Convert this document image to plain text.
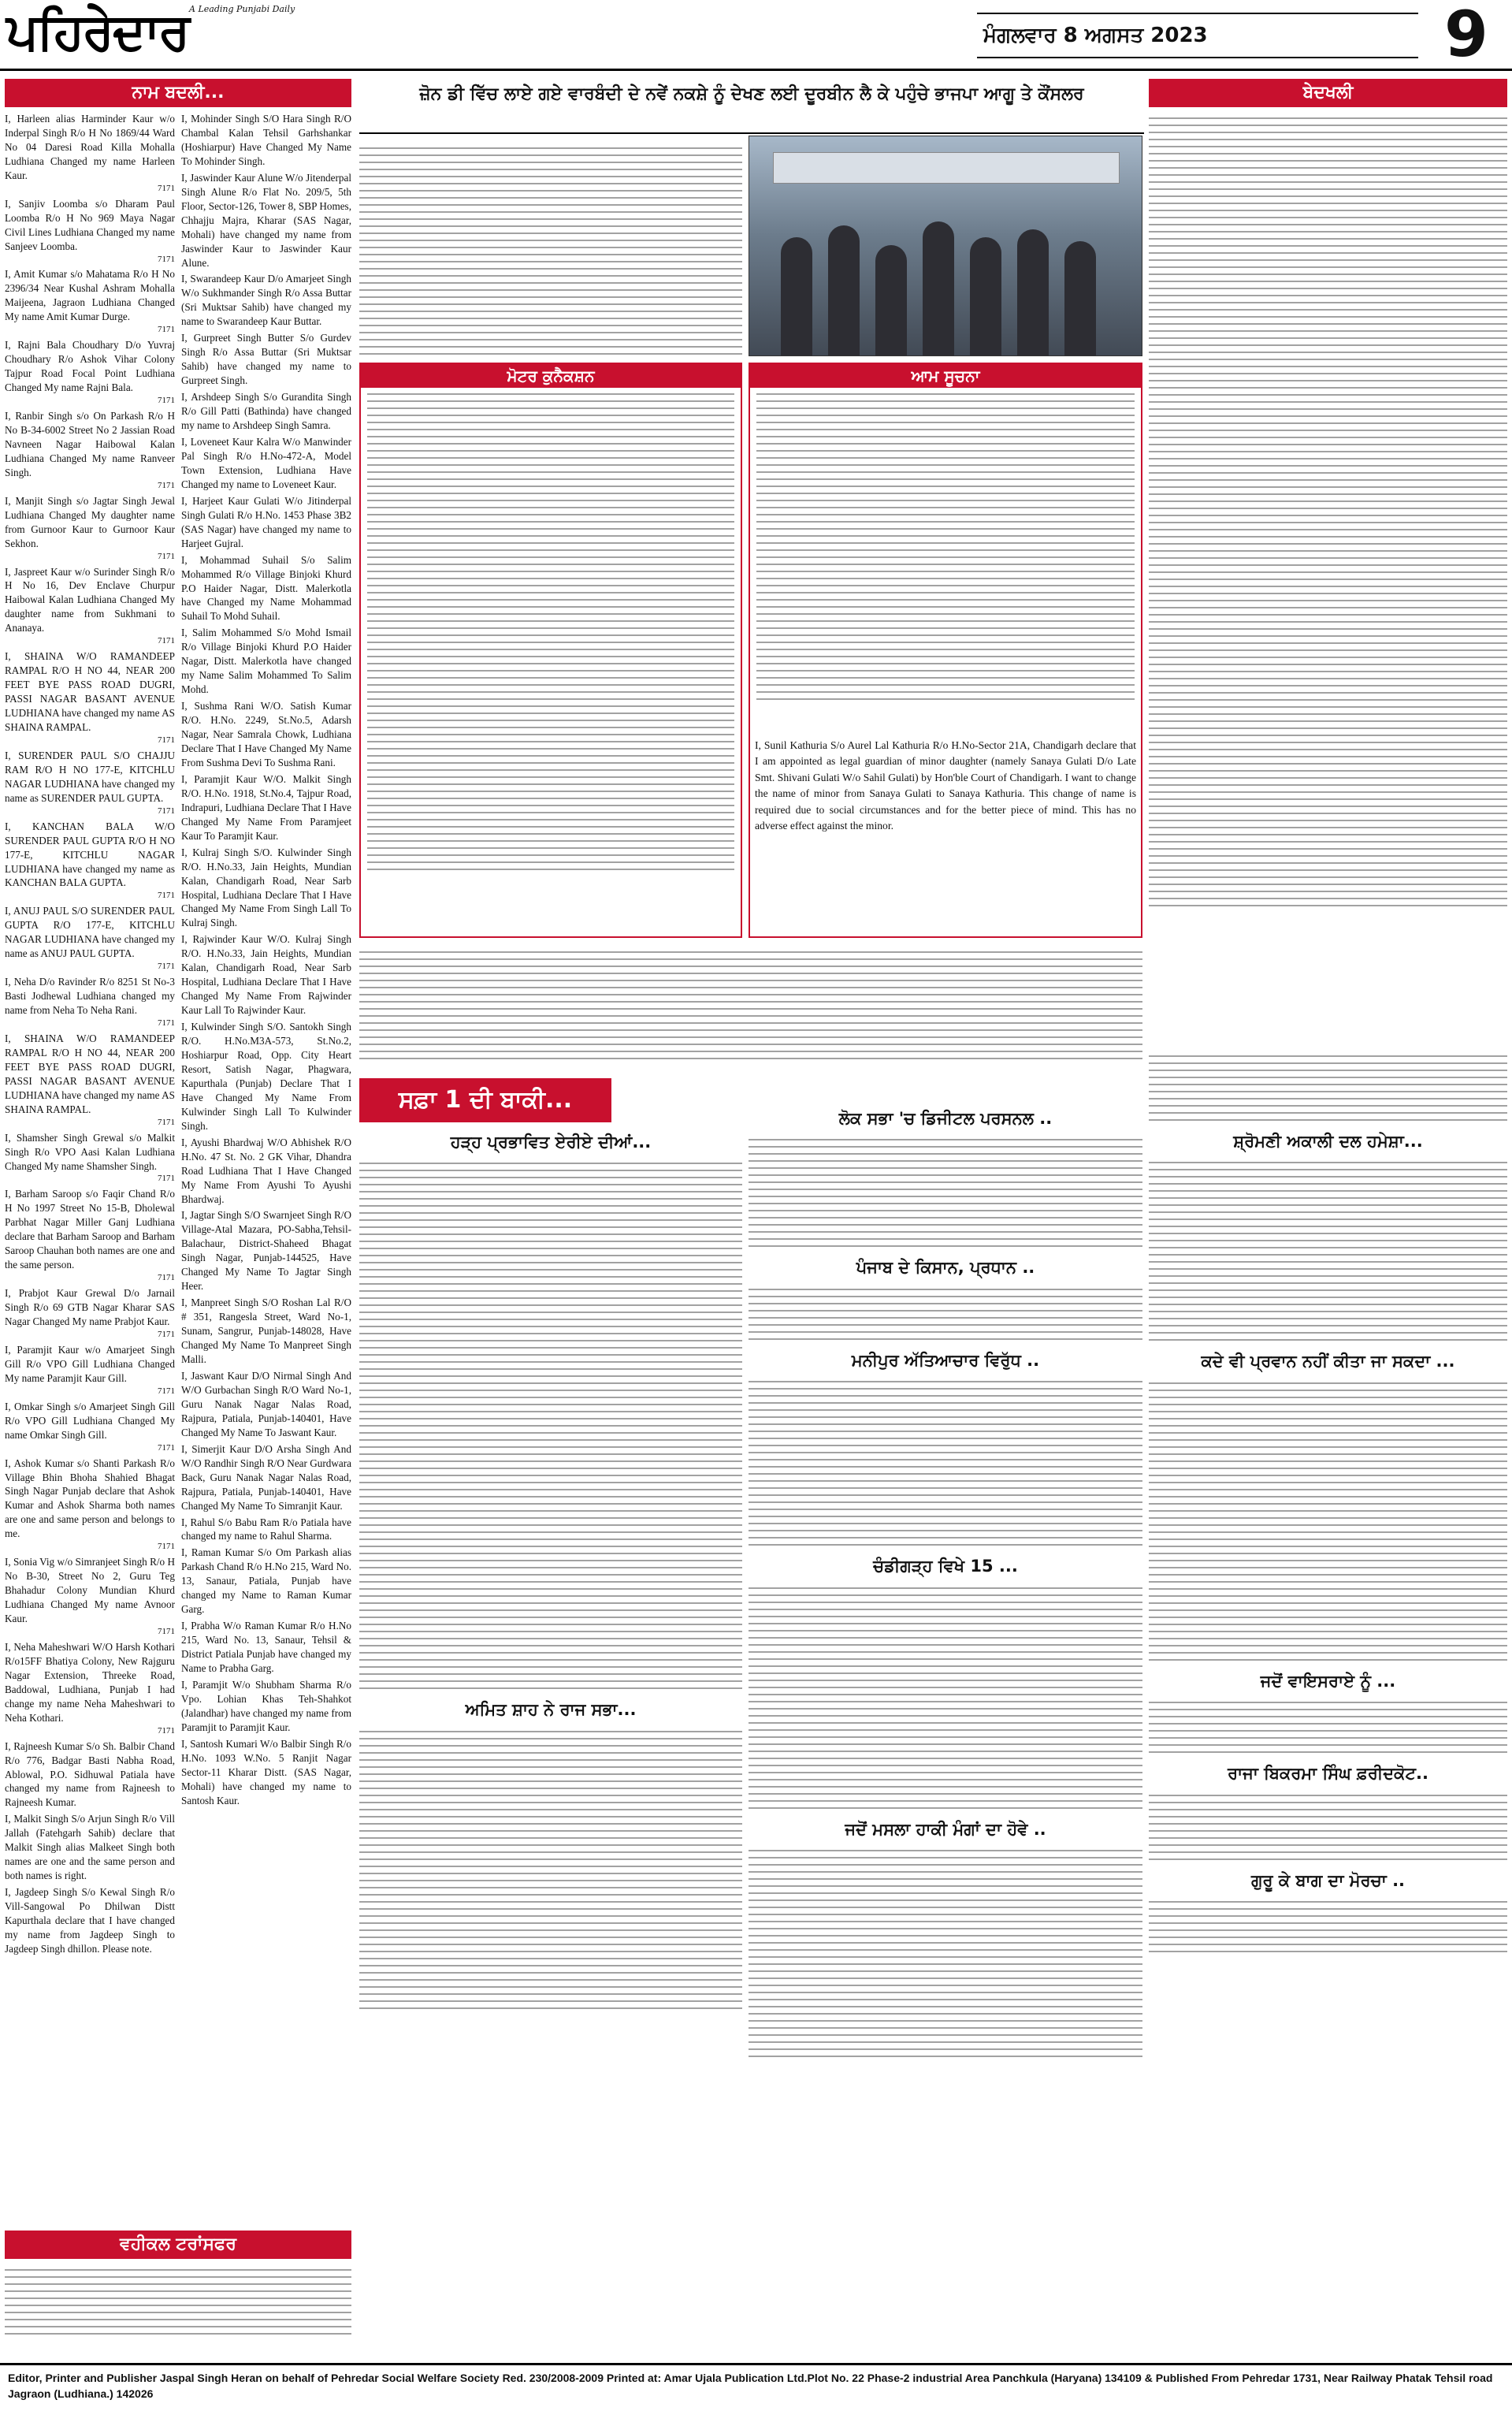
ਪਹਿਰੇਦਾਰ A Leading Punjabi Daily
ਮੰਗਲਵਾਰ 8 ਅਗਸਤ 2023	9
ਨਾਮ ਬਦਲੀ...
I, Harleen alias Harminder Kaur w/o Inderpal Singh R/o H No 1869/44 Ward No 04 Daresi Road Killa Mohalla Ludhiana Changed my name Harleen Kaur.
7171
I, Sanjiv Loomba s/o Dharam Paul Loomba R/o H No 969 Maya Nagar Civil Lines Ludhiana Changed my name Sanjeev Loomba.
7171
I, Amit Kumar s/o Mahatama R/o H No 2396/34 Near Kushal Ashram Mohalla Maijeena, Jagraon Ludhiana Changed My name Amit Kumar Durge.
7171
I, Rajni Bala Choudhary D/o Yuvraj Choudhary R/o Ashok Vihar Colony Tajpur Road Focal Point Ludhiana Changed My name Rajni Bala.
7171
I, Ranbir Singh s/o On Parkash R/o H No B-34-6002 Street No 2 Jassian Road Navneen Nagar Haibowal Kalan Ludhiana Changed My name Ranveer Singh.
7171
I, Manjit Singh s/o Jagtar Singh Jewal Ludhiana Changed My daughter name from Gurnoor Kaur to Gurnoor Kaur Sekhon.
7171
I, Jaspreet Kaur w/o Surinder Singh R/o H No 16, Dev Enclave Churpur Haibowal Kalan Ludhiana Changed My daughter name from Sukhmani to Ananaya.
7171
I, SHAINA W/O RAMANDEEP RAMPAL R/O H NO 44, NEAR 200 FEET BYE PASS ROAD DUGRI, PASSI NAGAR BASANT AVENUE LUDHIANA have changed my name AS SHAINA RAMPAL.
7171
I, SURENDER PAUL S/O CHAJJU RAM R/O H NO 177-E, KITCHLU NAGAR LUDHIANA have changed my name as SURENDER PAUL GUPTA.
7171
I, KANCHAN BALA W/O SURENDER PAUL GUPTA R/O H NO 177-E, KITCHLU NAGAR LUDHIANA have changed my name as KANCHAN BALA GUPTA.
7171
I, ANUJ PAUL S/O SURENDER PAUL GUPTA R/O 177-E, KITCHLU NAGAR LUDHIANA have changed my name as ANUJ PAUL GUPTA.
7171
I, Neha D/o Ravinder R/o 8251 St No-3 Basti Jodhewal Ludhiana changed my name from Neha To Neha Rani.
7171
I, SHAINA W/O RAMANDEEP RAMPAL R/O H NO 44, NEAR 200 FEET BYE PASS ROAD DUGRI, PASSI NAGAR BASANT AVENUE LUDHIANA have changed my name AS SHAINA RAMPAL.
7171
I, Shamsher Singh Grewal s/o Malkit Singh R/o VPO Aasi Kalan Ludhiana Changed My name Shamsher Singh.
7171
I, Barham Saroop s/o Faqir Chand R/o H No 1997 Street No 15-B, Dholewal Parbhat Nagar Miller Ganj Ludhiana declare that Barham Saroop and Barham Saroop Chauhan both names are one and the same person.
7171
I, Prabjot Kaur Grewal D/o Jarnail Singh R/o 69 GTB Nagar Kharar SAS Nagar Changed My name Prabjot Kaur.
7171
I, Paramjit Kaur w/o Amarjeet Singh Gill R/o VPO Gill Ludhiana Changed My name Paramjit Kaur Gill.
7171
I, Omkar Singh s/o Amarjeet Singh Gill R/o VPO Gill Ludhiana Changed My name Omkar Singh Gill.
7171
I, Ashok Kumar s/o Shanti Parkash R/o Village Bhin Bhoha Shahied Bhagat Singh Nagar Punjab declare that Ashok Kumar and Ashok Sharma both names are one and same person and belongs to me.
7171
I, Sonia Vig w/o Simranjeet Singh R/o H No B-30, Street No 2, Guru Teg Bhahadur Colony Mundian Khurd Ludhiana Changed My name Avnoor Kaur.
7171
I, Neha Maheshwari W/O Harsh Kothari R/o15FF Bhatiya Colony, New Rajguru Nagar Extension, Threeke Road, Baddowal, Ludhiana, Punjab I had change my name Neha Maheshwari to Neha Kothari.
7171
I, Rajneesh Kumar S/o Sh. Balbir Chand R/o 776, Badgar Basti Nabha Road, Ablowal, P.O. Sidhuwal Patiala have changed my name from Rajneesh to Rajneesh Kumar.
I, Malkit Singh S/o Arjun Singh R/o Vill Jallah (Fatehgarh Sahib) declare that Malkit Singh alias Malkeet Singh both names are one and the same person and both names is right.
I, Jagdeep Singh S/o Kewal Singh R/o Vill-Sangowal Po Dhilwan Distt Kapurthala declare that I have changed my name from Jagdeep Singh to Jagdeep Singh dhillon. Please note.
I, Mohinder Singh S/O Hara Singh R/O Chambal Kalan Tehsil Garhshankar (Hoshiarpur) Have Changed My Name To Mohinder Singh.
I, Jaswinder Kaur Alune W/o Jitenderpal Singh Alune R/o Flat No. 209/5, 5th Floor, Sector-126, Tower 8, SBP Homes, Chhajju Majra, Kharar (SAS Nagar, Mohali) have changed my name from Jaswinder Kaur to Jaswinder Kaur Alune.
I, Swarandeep Kaur D/o Amarjeet Singh W/o Sukhmander Singh R/o Assa Buttar (Sri Muktsar Sahib) have changed my name to Swarandeep Kaur Buttar.
I, Gurpreet Singh Butter S/o Gurdev Singh R/o Assa Buttar (Sri Muktsar Sahib) have changed my name to Gurpreet Singh.
I, Arshdeep Singh S/o Gurandita Singh R/o Gill Patti (Bathinda) have changed my name to Arshdeep Singh Samra.
I, Loveneet Kaur Kalra W/o Manwinder Pal Singh R/o H.No-472-A, Model Town Extension, Ludhiana Have Changed my name to Loveneet Kaur.
I, Harjeet Kaur Gulati W/o Jitinderpal Singh Gulati R/o H.No. 1453 Phase 3B2 (SAS Nagar) have changed my name to Harjeet Gujral.
I, Mohammad Suhail S/o Salim Mohammed R/o Village Binjoki Khurd P.O Haider Nagar, Distt. Malerkotla have Changed my Name Mohammad Suhail To Mohd Suhail.
I, Salim Mohammed S/o Mohd Ismail R/o Village Binjoki Khurd P.O Haider Nagar, Distt. Malerkotla have changed my Name Salim Mohammed To Salim Mohd.
I, Sushma Rani W/O. Satish Kumar R/O. H.No. 2249, St.No.5, Adarsh Nagar, Near Samrala Chowk, Ludhiana Declare That I Have Changed My Name From Sushma Devi To Sushma Rani.
I, Paramjit Kaur W/O. Malkit Singh R/O. H.No. 1918, St.No.4, Tajpur Road, Indrapuri, Ludhiana Declare That I Have Changed My Name From Paramjeet Kaur To Paramjit Kaur.
I, Kulraj Singh S/O. Kulwinder Singh R/O. H.No.33, Jain Heights, Mundian Kalan, Chandigarh Road, Near Sarb Hospital, Ludhiana Declare That I Have Changed My Name From Singh Lall To Kulraj Singh.
I, Rajwinder Kaur W/O. Kulraj Singh R/O. H.No.33, Jain Heights, Mundian Kalan, Chandigarh Road, Near Sarb Hospital, Ludhiana Declare That I Have Changed My Name From Rajwinder Kaur Lall To Rajwinder Kaur.
I, Kulwinder Singh S/O. Santokh Singh R/O. H.No.M3A-573, St.No.2, Hoshiarpur Road, Opp. City Heart Resort, Satish Nagar, Phagwara, Kapurthala (Punjab) Declare That I Have Changed My Name From Kulwinder Singh Lall To Kulwinder Singh.
I, Ayushi Bhardwaj W/O Abhishek R/O H.No. 47 St. No. 2 GK Vihar, Dhandra Road Ludhiana That I Have Changed My Name From Ayushi To Ayushi Bhardwaj.
I, Jagtar Singh S/O Swarnjeet Singh R/O Village-Atal Mazara, PO-Sabha,Tehsil-Balachaur, District-Shaheed Bhagat Singh Nagar, Punjab-144525, Have Changed My Name To Jagtar Singh Heer.
I, Manpreet Singh S/O Roshan Lal R/O # 351, Rangesla Street, Ward No-1, Sunam, Sangrur, Punjab-148028, Have Changed My Name To Manpreet Singh Malli.
I, Jaswant Kaur D/O Nirmal Singh And W/O Gurbachan Singh R/O Ward No-1, Guru Nanak Nagar Nalas Road, Rajpura, Patiala, Punjab-140401, Have Changed My Name To Jaswant Kaur.
I, Simerjit Kaur D/O Arsha Singh And W/O Randhir Singh R/O Near Gurdwara Back, Guru Nanak Nagar Nalas Road, Rajpura, Patiala, Punjab-140401, Have Changed My Name To Simranjit Kaur.
I, Rahul S/o Babu Ram R/o Patiala have changed my name to Rahul Sharma.
I, Raman Kumar S/o Om Parkash alias Parkash Chand R/o H.No 215, Ward No. 13, Sanaur, Patiala, Punjab have changed my Name to Raman Kumar Garg.
I, Prabha W/o Raman Kumar R/o H.No 215, Ward No. 13, Sanaur, Tehsil & District Patiala Punjab have changed my Name to Prabha Garg.
I, Paramjit W/o Shubham Sharma R/o Vpo. Lohian Khas Teh-Shahkot (Jalandhar) have changed my name from Paramjit to Paramjit Kaur.
I, Santosh Kumari W/o Balbir Singh R/o H.No. 1093 W.No. 5 Ranjit Nagar Sector-11 Kharar Distt. (SAS Nagar, Mohali) have changed my name to Santosh Kaur.
ਵਹੀਕਲ ਟਰਾਂਸਫਰ
ਜ਼ੋਨ ਡੀ ਵਿੱਚ ਲਾਏ ਗਏ ਵਾਰਬੰਦੀ ਦੇ ਨਵੇਂ ਨਕਸ਼ੇ ਨੂੰ ਦੇਖਣ ਲਈ ਦੂਰਬੀਨ ਲੈ ਕੇ ਪਹੁੰਚੇ ਭਾਜਪਾ ਆਗੂ ਤੇ ਕੌਂਸਲਰ
ਮੋਟਰ ਕੁਨੈਕਸ਼ਨ	ਆਮ ਸੂਚਨਾ
I, Sunil Kathuria S/o Aurel Lal Kathuria R/o H.No-Sector 21A, Chandigarh declare that I am appointed as legal guardian of minor daughter (namely Sanaya Gulati D/o Late Smt. Shivani Gulati W/o Sahil Gulati) by Hon'ble Court of Chandigarh. I want to change the name of minor from Sanaya Gulati to Sanaya Kathuria. This change of name is required due to social circumstances and for the better piece of mind. This has no adverse effect against the minor.
ਸਫ਼ਾ 1 ਦੀ ਬਾਕੀ...
ਹੜ੍ਹ ਪ੍ਰਭਾਵਿਤ ਏਰੀਏ ਦੀਆਂ...
ਅਮਿਤ ਸ਼ਾਹ ਨੇ ਰਾਜ ਸਭਾ...
ਲੋਕ ਸਭਾ 'ਚ ਡਿਜੀਟਲ ਪਰਸਨਲ ..
ਪੰਜਾਬ ਦੇ ਕਿਸਾਨ, ਪ੍ਰਧਾਨ ..
ਮਨੀਪੁਰ ਅੱਤਿਆਚਾਰ ਵਿਰੁੱਧ ..
ਚੰਡੀਗੜ੍ਹ ਵਿਖੇ 15 ...
ਜਦੋਂ ਮਸਲਾ ਹਾਕੀ ਮੰਗਾਂ ਦਾ ਹੋਵੇ ..
ਬੇਦਖਲੀ
ਸ਼੍ਰੋਮਣੀ ਅਕਾਲੀ ਦਲ ਹਮੇਸ਼ਾ...
ਕਦੇ ਵੀ ਪ੍ਰਵਾਨ ਨਹੀਂ ਕੀਤਾ ਜਾ ਸਕਦਾ ...
ਜਦੋਂ ਵਾਇਸਰਾਏ ਨੂੰ ...
ਰਾਜਾ ਬਿਕਰਮਾ ਸਿੰਘ ਫ਼ਰੀਦਕੋਟ..
ਗੁਰੂ ਕੇ ਬਾਗ ਦਾ ਮੋਰਚਾ ..
Editor, Printer and Publisher Jaspal Singh Heran on behalf of Pehredar Social Welfare Society Red. 230/2008-2009 Printed at: Amar Ujala Publication Ltd.Plot No. 22 Phase-2 industrial Area Panchkula (Haryana) 134109 & Published From Pehredar 1731, Near Railway Phatak Tehsil road Jagraon (Ludhiana.) 142026
